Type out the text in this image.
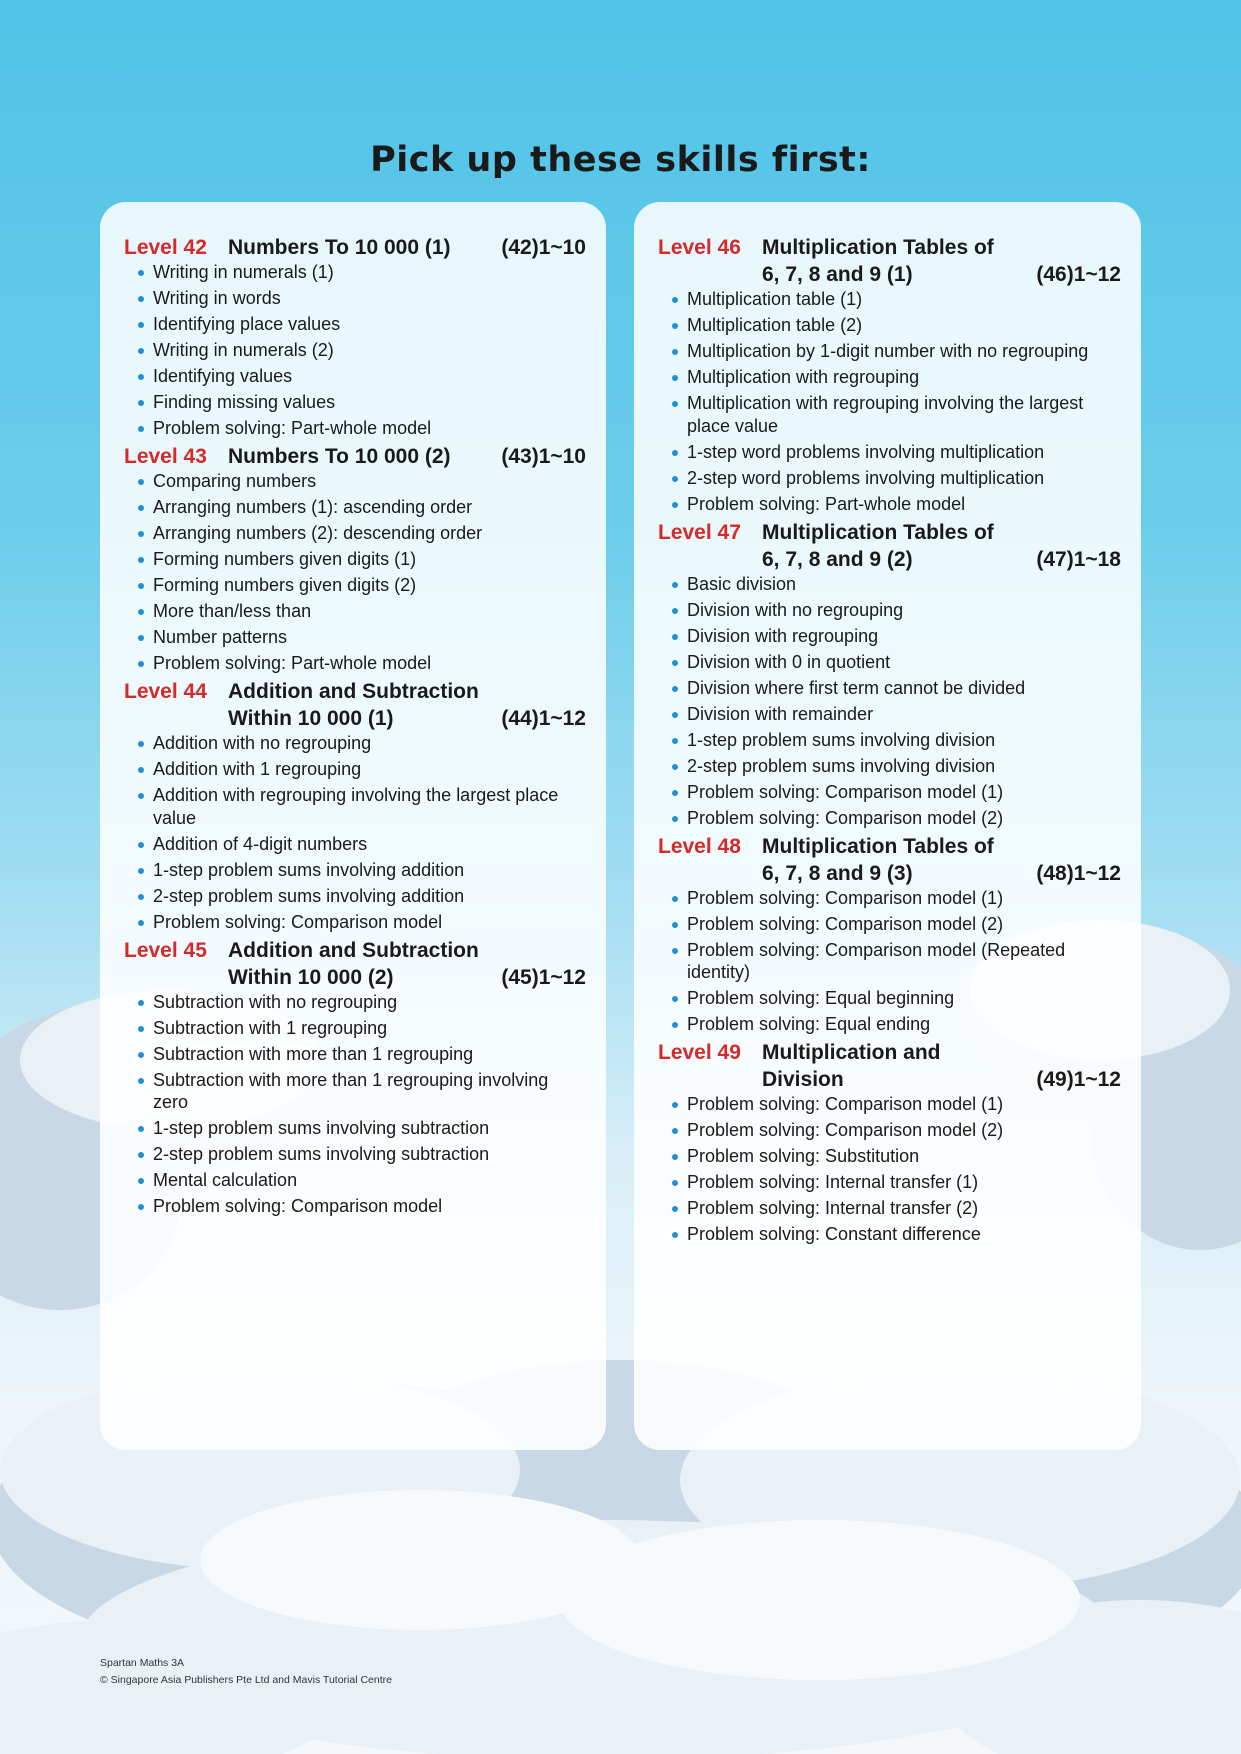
Pick up these skills first:
Level 42	Numbers To 10 000 (1)	(42)1~10
Writing in numerals (1)
Writing in words
Identifying place values
Writing in numerals (2)
Identifying values
Finding missing values
Problem solving: Part-whole model
Level 43	Numbers To 10 000 (2)	(43)1~10
Comparing numbers
Arranging numbers (1): ascending order
Arranging numbers (2): descending order
Forming numbers given digits (1)
Forming numbers given digits (2)
More than/less than
Number patterns
Problem solving: Part-whole model
Level 44	Addition and Subtraction
Within 10 000 (1)	(44)1~12
Addition with no regrouping
Addition with 1 regrouping
Addition with regrouping involving the largest place value
Addition of 4-digit numbers
1-step problem sums involving addition
2-step problem sums involving addition
Problem solving: Comparison model
Level 45	Addition and Subtraction
Within 10 000 (2)	(45)1~12
Subtraction with no regrouping
Subtraction with 1 regrouping
Subtraction with more than 1 regrouping
Subtraction with more than 1 regrouping involving zero
1-step problem sums involving subtraction
2-step problem sums involving subtraction
Mental calculation
Problem solving: Comparison model
Level 46	Multiplication Tables of
6, 7, 8 and 9 (1)	(46)1~12
Multiplication table (1)
Multiplication table (2)
Multiplication by 1-digit number with no regrouping
Multiplication with regrouping
Multiplication with regrouping involving the largest place value
1-step word problems involving multiplication
2-step word problems involving multiplication
Problem solving: Part-whole model
Level 47	Multiplication Tables of
6, 7, 8 and 9 (2)	(47)1~18
Basic division
Division with no regrouping
Division with regrouping
Division with 0 in quotient
Division where first term cannot be divided
Division with remainder
1-step problem sums involving division
2-step problem sums involving division
Problem solving: Comparison model (1)
Problem solving: Comparison model (2)
Level 48	Multiplication Tables of
6, 7, 8 and 9 (3)	(48)1~12
Problem solving: Comparison model (1)
Problem solving: Comparison model (2)
Problem solving: Comparison model (Repeated identity)
Problem solving: Equal beginning
Problem solving: Equal ending
Level 49	Multiplication and
Division	(49)1~12
Problem solving: Comparison model (1)
Problem solving: Comparison model (2)
Problem solving: Substitution
Problem solving: Internal transfer (1)
Problem solving: Internal transfer (2)
Problem solving: Constant difference
Spartan Maths 3A
© Singapore Asia Publishers Pte Ltd and Mavis Tutorial Centre
